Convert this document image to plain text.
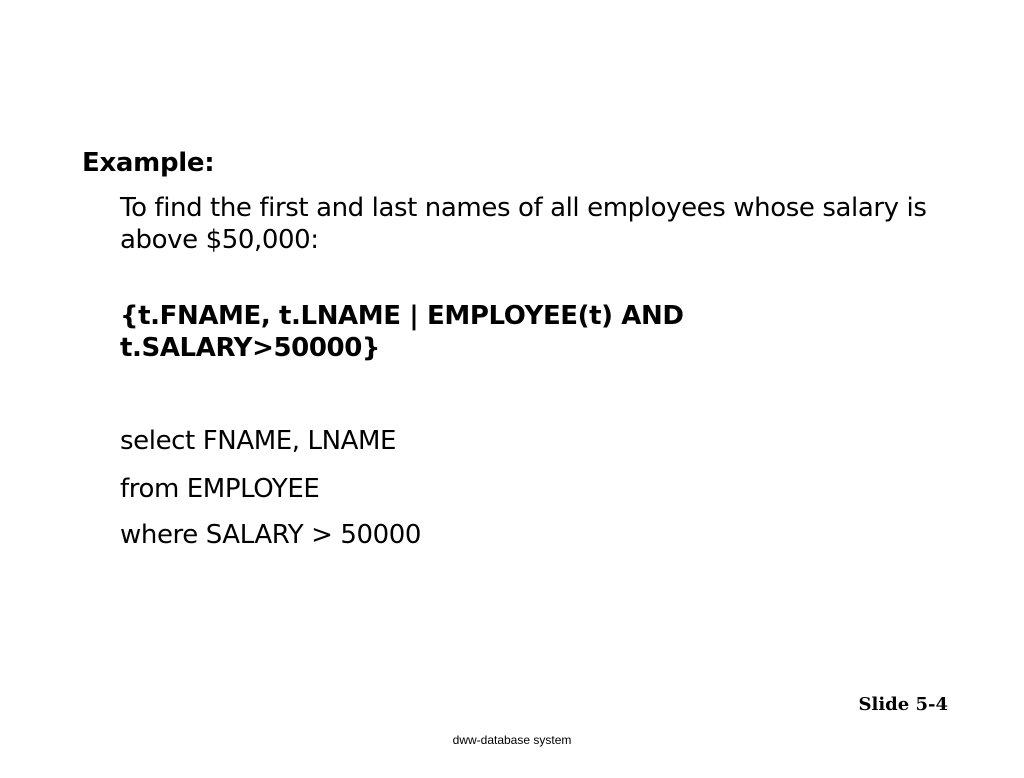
Example:
To find the first and last names of all employees whose salary is above $50,000:
{t.FNAME, t.LNAME | EMPLOYEE(t) AND t.SALARY>50000}
select FNAME, LNAME
from EMPLOYEE
where SALARY > 50000
Slide 5-4
dww-database system
